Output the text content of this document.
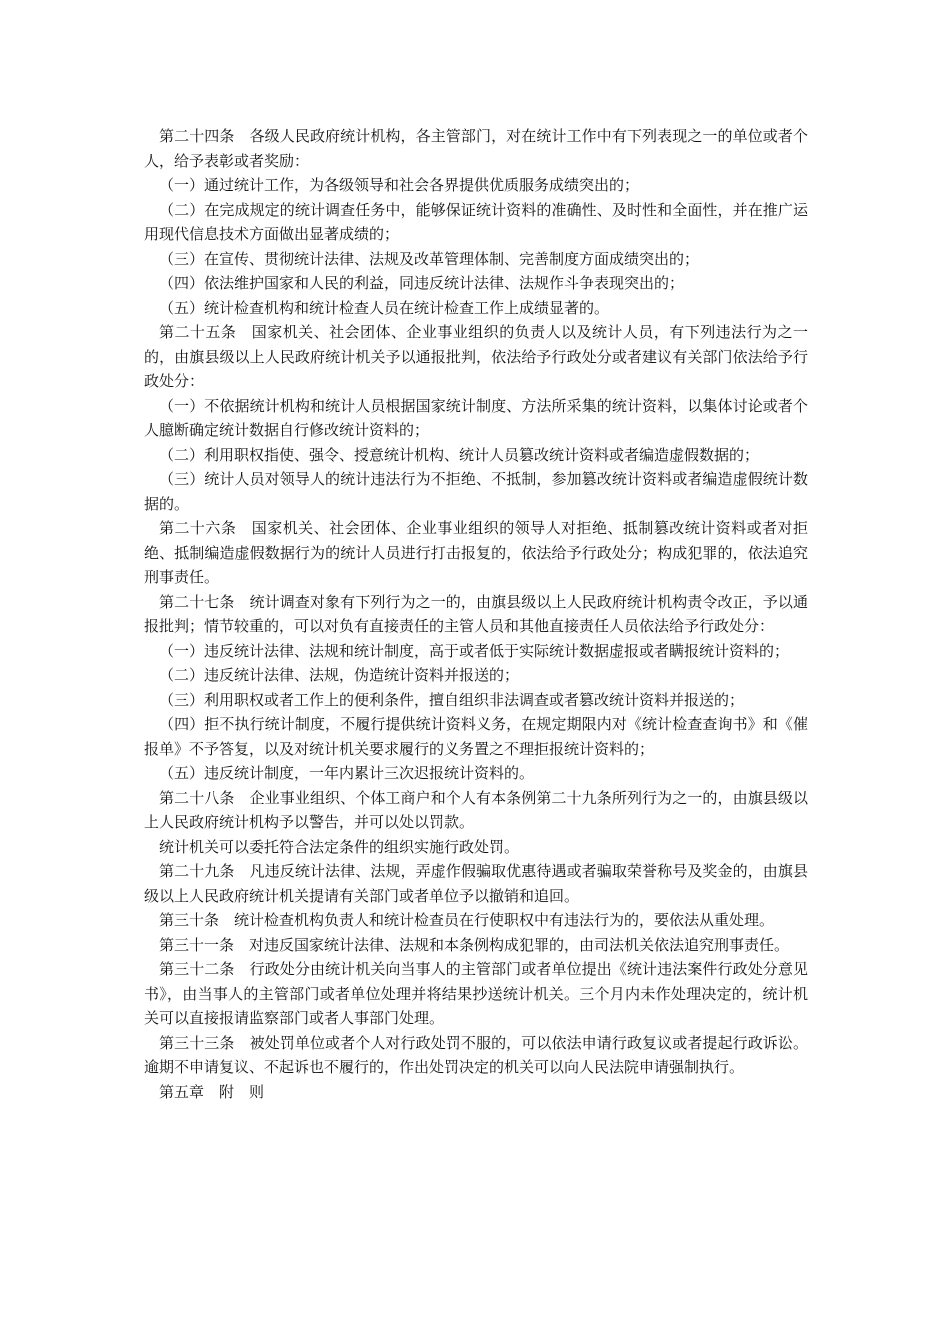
第二十四条　各级人民政府统计机构，各主管部门，对在统计工作中有下列表现之一的单位或者个人，给予表彰或者奖励：

（一）通过统计工作，为各级领导和社会各界提供优质服务成绩突出的；

（二）在完成规定的统计调查任务中，能够保证统计资料的准确性、及时性和全面性，并在推广运用现代信息技术方面做出显著成绩的；

（三）在宣传、贯彻统计法律、法规及改革管理体制、完善制度方面成绩突出的；

（四）依法维护国家和人民的利益，同违反统计法律、法规作斗争表现突出的；

（五）统计检查机构和统计检查人员在统计检查工作上成绩显著的。

第二十五条　国家机关、社会团体、企业事业组织的负责人以及统计人员，有下列违法行为之一的，由旗县级以上人民政府统计机关予以通报批判，依法给予行政处分或者建议有关部门依法给予行政处分：

（一）不依据统计机构和统计人员根据国家统计制度、方法所采集的统计资料，以集体讨论或者个人臆断确定统计数据自行修改统计资料的；

（二）利用职权指使、强令、授意统计机构、统计人员篡改统计资料或者编造虚假数据的；

（三）统计人员对领导人的统计违法行为不拒绝、不抵制，参加篡改统计资料或者编造虚假统计数据的。

第二十六条　国家机关、社会团体、企业事业组织的领导人对拒绝、抵制篡改统计资料或者对拒绝、抵制编造虚假数据行为的统计人员进行打击报复的，依法给予行政处分；构成犯罪的，依法追究刑事责任。

第二十七条　统计调查对象有下列行为之一的，由旗县级以上人民政府统计机构责令改正，予以通报批判；情节较重的，可以对负有直接责任的主管人员和其他直接责任人员依法给予行政处分：

（一）违反统计法律、法规和统计制度，高于或者低于实际统计数据虚报或者瞒报统计资料的；

（二）违反统计法律、法规，伪造统计资料并报送的；

（三）利用职权或者工作上的便利条件，擅自组织非法调查或者篡改统计资料并报送的；

（四）拒不执行统计制度，不履行提供统计资料义务，在规定期限内对《统计检查查询书》和《催报单》不予答复，以及对统计机关要求履行的义务置之不理拒报统计资料的；

（五）违反统计制度，一年内累计三次迟报统计资料的。

第二十八条　企业事业组织、个体工商户和个人有本条例第二十九条所列行为之一的，由旗县级以上人民政府统计机构予以警告，并可以处以罚款。

统计机关可以委托符合法定条件的组织实施行政处罚。

第二十九条　凡违反统计法律、法规，弄虚作假骗取优惠待遇或者骗取荣誉称号及奖金的，由旗县级以上人民政府统计机关提请有关部门或者单位予以撤销和追回。

第三十条　统计检查机构负责人和统计检查员在行使职权中有违法行为的，要依法从重处理。

第三十一条　对违反国家统计法律、法规和本条例构成犯罪的，由司法机关依法追究刑事责任。

第三十二条　行政处分由统计机关向当事人的主管部门或者单位提出《统计违法案件行政处分意见书》，由当事人的主管部门或者单位处理并将结果抄送统计机关。三个月内未作处理决定的，统计机关可以直接报请监察部门或者人事部门处理。

第三十三条　被处罚单位或者个人对行政处罚不服的，可以依法申请行政复议或者提起行政诉讼。逾期不申请复议、不起诉也不履行的，作出处罚决定的机关可以向人民法院申请强制执行。

第五章　附　则
